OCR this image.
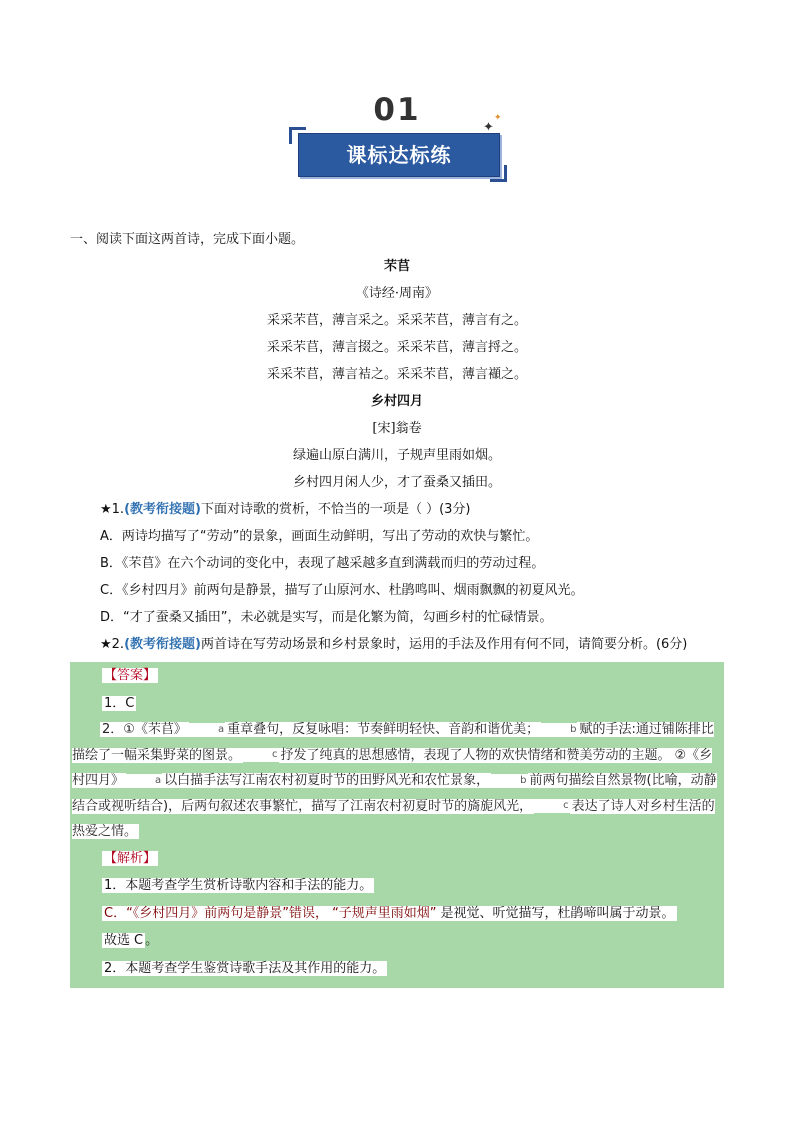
01
课标达标练
✦
✦
一、阅读下面这两首诗，完成下面小题。
芣苢
《诗经·周南》
采采芣苢，薄言采之。采采芣苢，薄言有之。
采采芣苢，薄言掇之。采采芣苢，薄言捋之。
采采芣苢，薄言袺之。采采芣苢，薄言襭之。
乡村四月
[宋]翁卷
绿遍山原白满川，子规声里雨如烟。
乡村四月闲人少，才了蚕桑又插田。
★1.(教考衔接题)下面对诗歌的赏析，不恰当的一项是（ ）(3分)
A．两诗均描写了“劳动”的景象，画面生动鲜明，写出了劳动的欢快与繁忙。
B．《芣苢》在六个动词的变化中，表现了越采越多直到满载而归的劳动过程。
C．《乡村四月》前两句是静景，描写了山原河水、杜鹃鸣叫、烟雨飘飘的初夏风光。
D．“才了蚕桑又插田”，未必就是实写，而是化繁为简，勾画乡村的忙碌情景。
★2.(教考衔接题)两首诗在写劳动场景和乡村景象时，运用的手法及作用有何不同，请简要分析。(6分)
【答案】
1．C
2．①《芣苢》	a 重章叠句，反复咏唱：节奏鲜明轻快、音韵和谐优美；	b 赋的手法:通过铺陈排比描绘了一幅采集野菜的图景。	c 抒发了纯真的思想感情，表现了人物的欢快情绪和赞美劳动的主题。 ②《乡村四月》	a 以白描手法写江南农村初夏时节的田野风光和农忙景象，	b 前两句描绘自然景物(比喻，动静结合或视听结合)，后两句叙述农事繁忙，描写了江南农村初夏时节的旖旎风光，	c 表达了诗人对乡村生活的热爱之情。
【解析】
1．本题考查学生赏析诗歌内容和手法的能力。
C．“《乡村四月》前两句是静景”错误， “子规声里雨如烟” 是视觉、听觉描写，杜鹃啼叫属于动景。
故选 C 。
2．本题考查学生鉴赏诗歌手法及其作用的能力。
